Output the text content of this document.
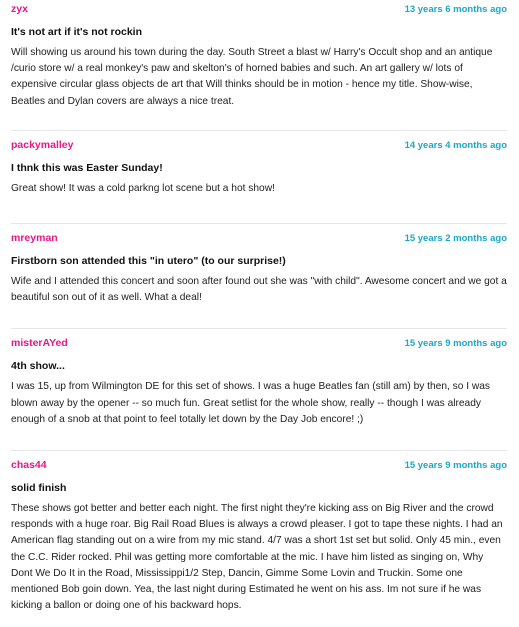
zyx	13 years 6 months ago
It's not art if it's not rockin
Will showing us around his town during the day. South Street a blast w/ Harry's Occult shop and an antique /curio store w/ a real monkey's paw and skelton's of horned babies and such. An art gallery w/ lots of expensive circular glass objects de art that Will thinks should be in motion - hence my title. Show-wise, Beatles and Dylan covers are always a nice treat.
packymalley	14 years 4 months ago
I thnk this was Easter Sunday!
Great show! It was a cold parkng lot scene but a hot show!
mreyman	15 years 2 months ago
Firstborn son attended this "in utero" (to our surprise!)
Wife and I attended this concert and soon after found out she was "with child". Awesome concert and we got a beautiful son out of it as well. What a deal!
misterAYed	15 years 9 months ago
4th show...
I was 15, up from Wilmington DE for this set of shows. I was a huge Beatles fan (still am) by then, so I was blown away by the opener -- so much fun. Great setlist for the whole show, really -- though I was already enough of a snob at that point to feel totally let down by the Day Job encore! ;)
chas44	15 years 9 months ago
solid finish
These shows got better and better each night. The first night they're kicking ass on Big River and the crowd responds with a huge roar. Big Rail Road Blues is always a crowd pleaser. I got to tape these nights. I had an American flag standing out on a wire from my mic stand. 4/7 was a short 1st set but solid. Only 45 min., even the C.C. Rider rocked. Phil was getting more comfortable at the mic. I have him listed as singing on, Why Dont We Do It in the Road, Mississippi1/2 Step, Dancin, Gimme Some Lovin and Truckin. Some one mentioned Bob goin down. Yea, the last night during Estimated he went on his ass. Im not sure if he was kicking a ballon or doing one of his backward hops.
